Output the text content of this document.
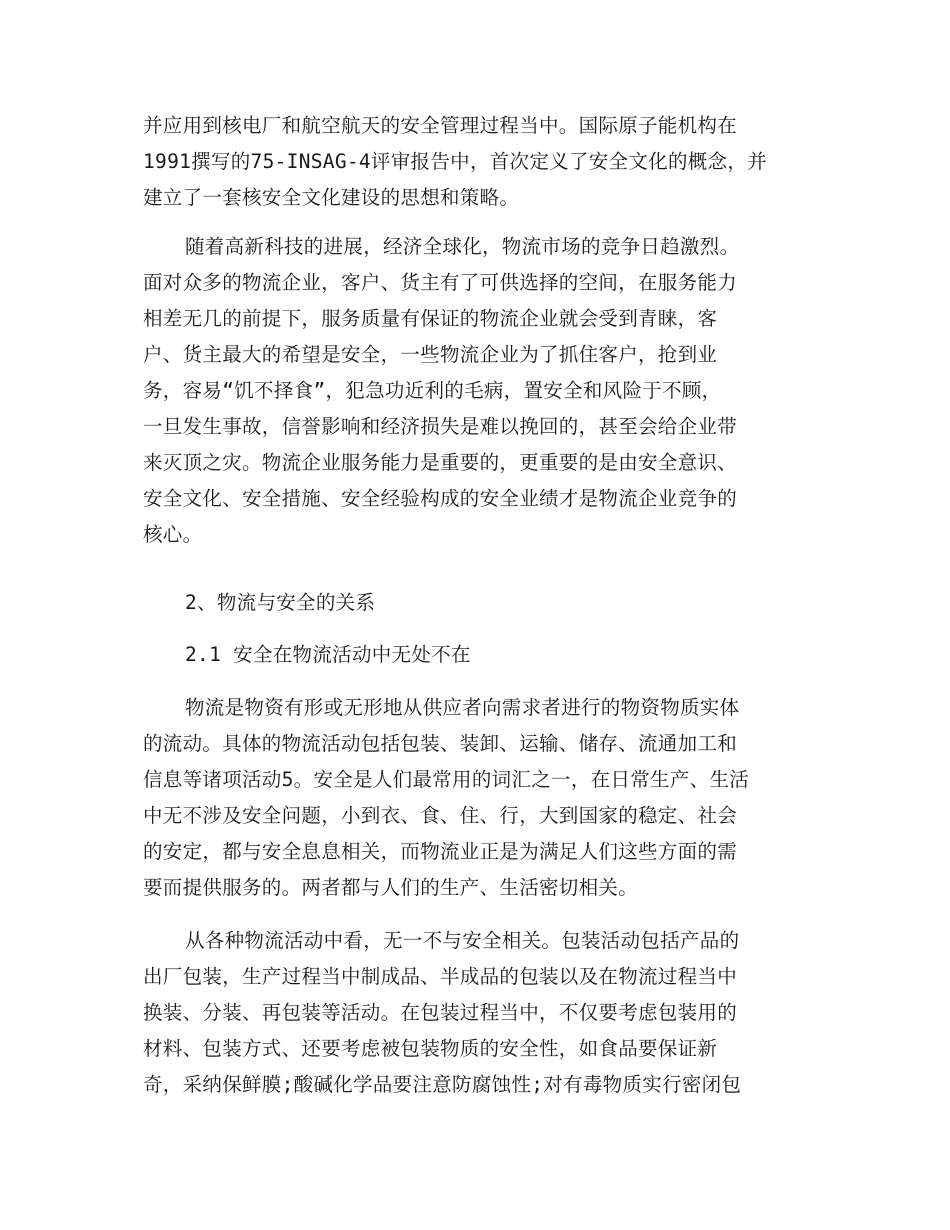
并应用到核电厂和航空航天的安全管理过程当中。国际原子能机构在
1991撰写的75-INSAG-4评审报告中，首次定义了安全文化的概念，并
建立了一套核安全文化建设的思想和策略。
随着高新科技的进展，经济全球化，物流市场的竞争日趋激烈。
面对众多的物流企业，客户、货主有了可供选择的空间，在服务能力
相差无几的前提下，服务质量有保证的物流企业就会受到青睐，客
户、货主最大的希望是安全，一些物流企业为了抓住客户，抢到业
务，容易“饥不择食”，犯急功近利的毛病，置安全和风险于不顾，
一旦发生事故，信誉影响和经济损失是难以挽回的，甚至会给企业带
来灭顶之灾。物流企业服务能力是重要的，更重要的是由安全意识、
安全文化、安全措施、安全经验构成的安全业绩才是物流企业竞争的
核心。
2、物流与安全的关系
2.1 安全在物流活动中无处不在
物流是物资有形或无形地从供应者向需求者进行的物资物质实体
的流动。具体的物流活动包括包装、装卸、运输、储存、流通加工和
信息等诸项活动5。安全是人们最常用的词汇之一，在日常生产、生活
中无不涉及安全问题，小到衣、食、住、行，大到国家的稳定、社会
的安定，都与安全息息相关，而物流业正是为满足人们这些方面的需
要而提供服务的。两者都与人们的生产、生活密切相关。
从各种物流活动中看，无一不与安全相关。包装活动包括产品的
出厂包装，生产过程当中制成品、半成品的包装以及在物流过程当中
换装、分装、再包装等活动。在包装过程当中，不仅要考虑包装用的
材料、包装方式、还要考虑被包装物质的安全性，如食品要保证新
奇，采纳保鲜膜;酸碱化学品要注意防腐蚀性;对有毒物质实行密闭包
